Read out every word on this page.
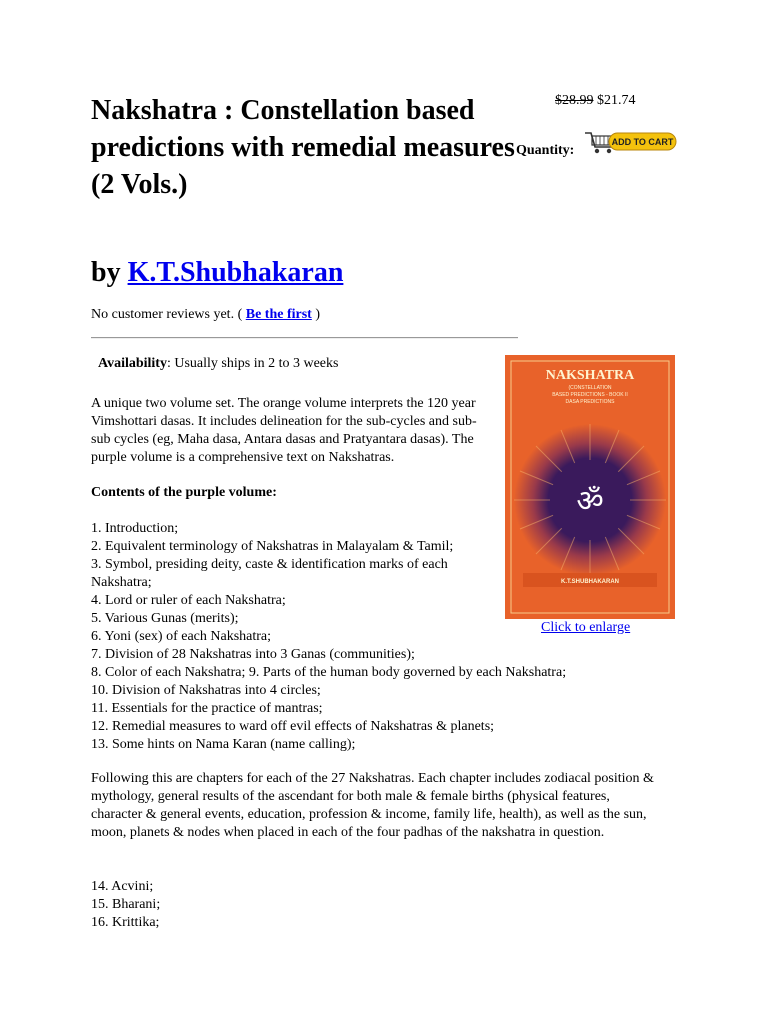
Nakshatra : Constellation based predictions with remedial measures (2 Vols.)
$28.99 $21.74
Quantity:
ADD TO CART
by K.T.Shubhakaran
No customer reviews yet. ( Be the first )
Availability: Usually ships in 2 to 3 weeks
A unique two volume set. The orange volume interprets the 120 year Vimshottari dasas. It includes delineation for the sub-cycles and sub-sub cycles (eg, Maha dasa, Antara dasas and Pratyantara dasas). The purple volume is a comprehensive text on Nakshatras.
Contents of the purple volume:
1. Introduction;
2. Equivalent terminology of Nakshatras in Malayalam & Tamil;
3. Symbol, presiding deity, caste & identification marks of each Nakshatra;
4. Lord or ruler of each Nakshatra;
5. Various Gunas (merits);
6. Yoni (sex) of each Nakshatra;
7. Division of 28 Nakshatras into 3 Ganas (communities);
8. Color of each Nakshatra; 9. Parts of the human body governed by each Nakshatra;
10. Division of Nakshatras into 4 circles;
11. Essentials for the practice of mantras;
12. Remedial measures to ward off evil effects of Nakshatras & planets;
13. Some hints on Nama Karan (name calling);
Following this are chapters for each of the 27 Nakshatras. Each chapter includes zodiacal position & mythology, general results of the ascendant for both male & female births (physical features, character & general events, education, profession & income, family life, health), as well as the sun, moon, planets & nodes when placed in each of the four padhas of the nakshatra in question.
14. Acvini;
15. Bharani;
16. Krittika;
NAKSHATRA
(CONSTELLATION
BASED PREDICTIONS - BOOK II
DASA PREDICTIONS
ॐ
K.T.SHUBHAKARAN
Click to enlarge
